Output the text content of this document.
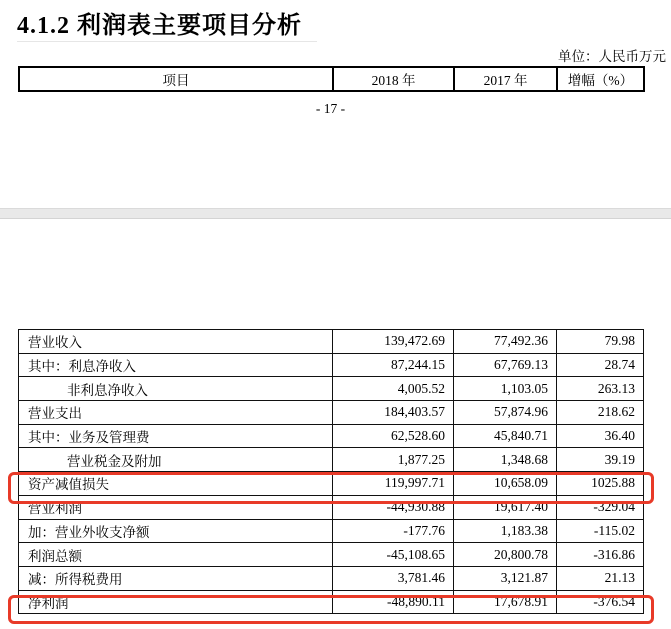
4.1.2 利润表主要项目分析
单位：人民币万元
项目	2018 年	2017 年	增幅（%）
- 17 -
营业收入	139,472.69	77,492.36	79.98
其中：利息净收入	87,244.15	67,769.13	28.74
非利息净收入	4,005.52	1,103.05	263.13
营业支出	184,403.57	57,874.96	218.62
其中：业务及管理费	62,528.60	45,840.71	36.40
营业税金及附加	1,877.25	1,348.68	39.19
资产减值损失	119,997.71	10,658.09	1025.88
营业利润	-44,930.88	19,617.40	-329.04
加：营业外收支净额	-177.76	1,183.38	-115.02
利润总额	-45,108.65	20,800.78	-316.86
减：所得税费用	3,781.46	3,121.87	21.13
净利润	-48,890.11	17,678.91	-376.54
